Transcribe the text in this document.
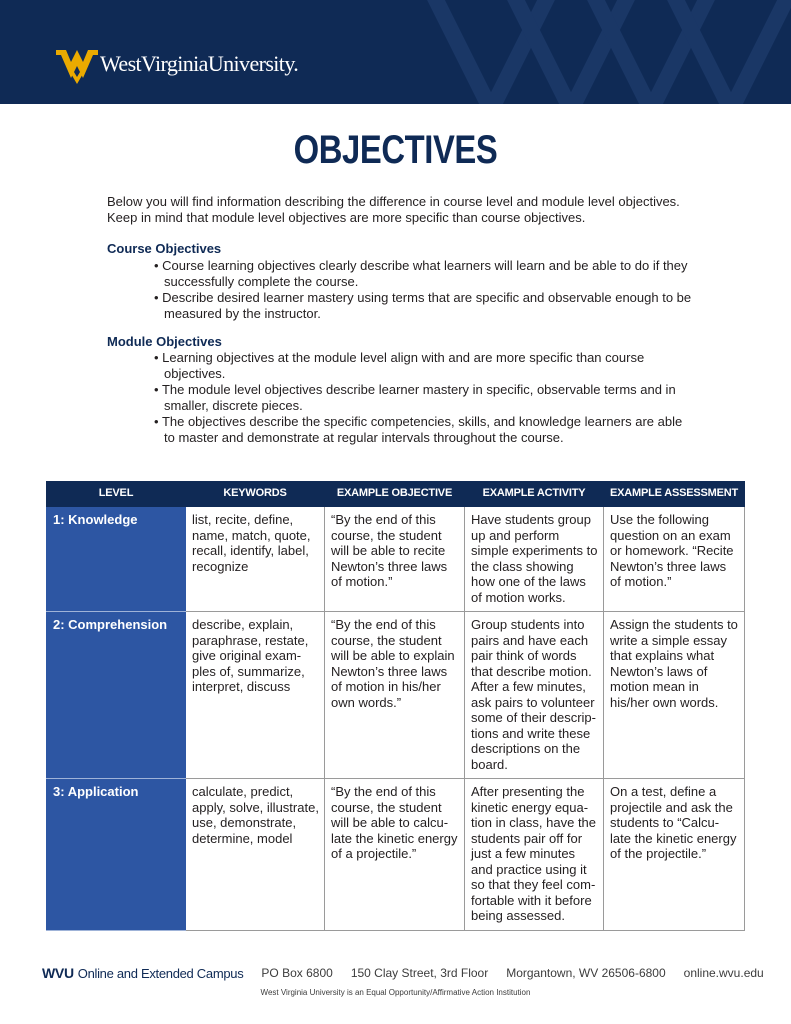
WestVirginiaUniversity.
OBJECTIVES
Below you will find information describing the difference in course level and module level objectives.
Keep in mind that module level objectives are more specific than course objectives.
Course Objectives
• Course learning objectives clearly describe what learners will learn and be able to do if they successfully complete the course.
• Describe desired learner mastery using terms that are specific and observable enough to be measured by the instructor.
Module Objectives
• Learning objectives at the module level align with and are more specific than course objectives.
• The module level objectives describe learner mastery in specific, observable terms and in smaller, discrete pieces.
• The objectives describe the specific competencies, skills, and knowledge learners are able to master and demonstrate at regular intervals throughout the course.
LEVEL	KEYWORDS	EXAMPLE OBJECTIVE	EXAMPLE ACTIVITY	EXAMPLE ASSESSMENT
1: Knowledge	list, recite, define, name, match, quote, recall, identify, label, recognize	“By the end of this course, the student will be able to recite Newton’s three laws of motion.”	Have students group up and perform simple experiments to the class showing how one of the laws of motion works.	Use the following question on an exam or homework. “Recite Newton’s three laws of motion.”
2: Comprehension	describe, explain, paraphrase, restate, give original exam-ples of, summarize, interpret, discuss	“By the end of this course, the student will be able to explain Newton’s three laws of motion in his/her own words.”	Group students into pairs and have each pair think of words that describe motion. After a few minutes, ask pairs to volunteer some of their descrip-tions and write these descriptions on the board.	Assign the students to write a simple essay that explains what Newton’s laws of motion mean in his/her own words.
3: Application	calculate, predict, apply, solve, illustrate, use, demonstrate, determine, model	“By the end of this course, the student will be able to calcu-late the kinetic energy of a projectile.”	After presenting the kinetic energy equa-tion in class, have the students pair off for just a few minutes and practice using it so that they feel com-fortable with it before being assessed.	On a test, define a projectile and ask the students to “Calcu-late the kinetic energy of the projectile.”
WVU Online and Extended Campus PO Box 6800 150 Clay Street, 3rd Floor Morgantown, WV 26506-6800 online.wvu.edu
West Virginia University is an Equal Opportunity/Affirmative Action Institution
